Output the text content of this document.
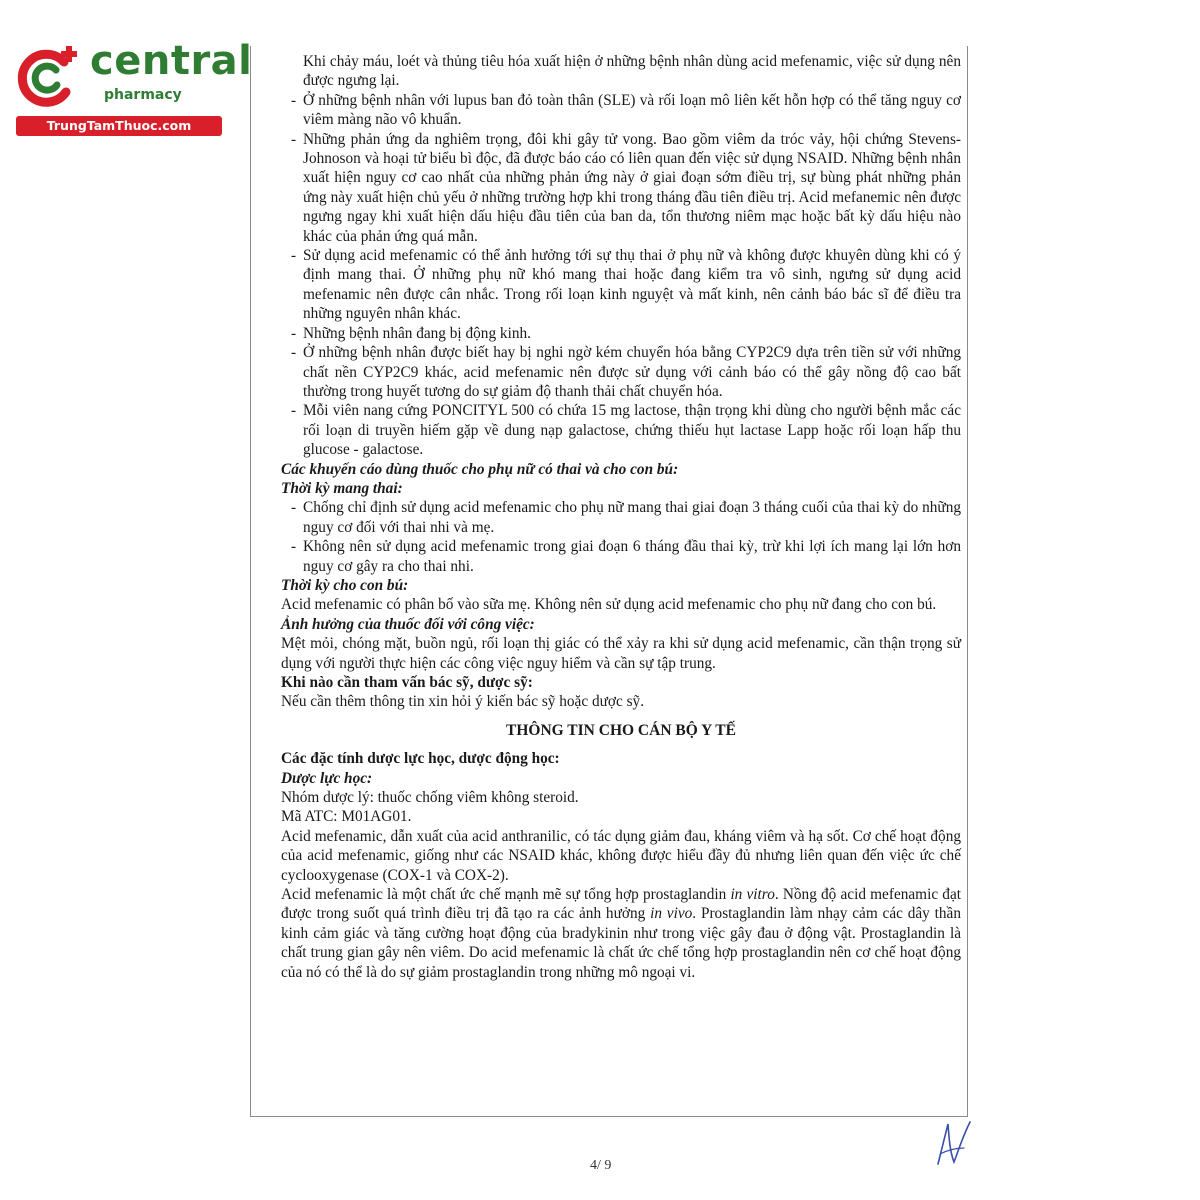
central
pharmacy
TrungTamThuoc.com

Khi chảy máu, loét và thủng tiêu hóa xuất hiện ở những bệnh nhân dùng acid mefenamic, việc sử dụng nên được ngưng lại.

- Ở những bệnh nhân với lupus ban đỏ toàn thân (SLE) và rối loạn mô liên kết hỗn hợp có thể tăng nguy cơ viêm màng não vô khuẩn.

- Những phản ứng da nghiêm trọng, đôi khi gây tử vong. Bao gồm viêm da tróc vảy, hội chứng Stevens-Johnoson và hoại tử biểu bì độc, đã được báo cáo có liên quan đến việc sử dụng NSAID. Những bệnh nhân xuất hiện nguy cơ cao nhất của những phản ứng này ở giai đoạn sớm điều trị, sự bùng phát những phản ứng này xuất hiện chủ yếu ở những trường hợp khi trong tháng đầu tiên điều trị. Acid mefanemic nên được ngưng ngay khi xuất hiện dấu hiệu đầu tiên của ban da, tổn thương niêm mạc hoặc bất kỳ dấu hiệu nào khác của phản ứng quá mẫn.

- Sử dụng acid mefenamic có thể ảnh hưởng tới sự thụ thai ở phụ nữ và không được khuyên dùng khi có ý định mang thai. Ở những phụ nữ khó mang thai hoặc đang kiểm tra vô sinh, ngưng sử dụng acid mefenamic nên được cân nhắc. Trong rối loạn kinh nguyệt và mất kinh, nên cảnh báo bác sĩ để điều tra những nguyên nhân khác.

- Những bệnh nhân đang bị động kinh.

- Ở những bệnh nhân được biết hay bị nghi ngờ kém chuyển hóa bằng CYP2C9 dựa trên tiền sử với những chất nền CYP2C9 khác, acid mefenamic nên được sử dụng với cảnh báo có thể gây nồng độ cao bất thường trong huyết tương do sự giảm độ thanh thải chất chuyển hóa.

- Mỗi viên nang cứng PONCITYL 500 có chứa 15 mg lactose, thận trọng khi dùng cho người bệnh mắc các rối loạn di truyền hiếm gặp về dung nạp galactose, chứng thiếu hụt lactase Lapp hoặc rối loạn hấp thu glucose - galactose.

Các khuyến cáo dùng thuốc cho phụ nữ có thai và cho con bú:

Thời kỳ mang thai:

- Chống chỉ định sử dụng acid mefenamic cho phụ nữ mang thai giai đoạn 3 tháng cuối của thai kỳ do những nguy cơ đối với thai nhi và mẹ.

- Không nên sử dụng acid mefenamic trong giai đoạn 6 tháng đầu thai kỳ, trừ khi lợi ích mang lại lớn hơn nguy cơ gây ra cho thai nhi.

Thời kỳ cho con bú:

Acid mefenamic có phân bố vào sữa mẹ. Không nên sử dụng acid mefenamic cho phụ nữ đang cho con bú.

Ảnh hưởng của thuốc đối với công việc:

Mệt mỏi, chóng mặt, buồn ngủ, rối loạn thị giác có thể xảy ra khi sử dụng acid mefenamic, cần thận trọng sử dụng với người thực hiện các công việc nguy hiểm và cần sự tập trung.

Khi nào cần tham vấn bác sỹ, dược sỹ:

Nếu cần thêm thông tin xin hỏi ý kiến bác sỹ hoặc dược sỹ.

THÔNG TIN CHO CÁN BỘ Y TẾ

Các đặc tính dược lực học, dược động học:

Dược lực học:

Nhóm dược lý: thuốc chống viêm không steroid.

Mã ATC: M01AG01.

Acid mefenamic, dẫn xuất của acid anthranilic, có tác dụng giảm đau, kháng viêm và hạ sốt. Cơ chế hoạt động của acid mefenamic, giống như các NSAID khác, không được hiểu đầy đủ nhưng liên quan đến việc ức chế cyclooxygenase (COX-1 và COX-2).

Acid mefenamic là một chất ức chế mạnh mẽ sự tổng hợp prostaglandin in vitro. Nồng độ acid mefenamic đạt được trong suốt quá trình điều trị đã tạo ra các ảnh hưởng in vivo. Prostaglandin làm nhạy cảm các dây thần kinh cảm giác và tăng cường hoạt động của bradykinin như trong việc gây đau ở động vật. Prostaglandin là chất trung gian gây nên viêm. Do acid mefenamic là chất ức chế tổng hợp prostaglandin nên cơ chế hoạt động của nó có thể là do sự giảm prostaglandin trong những mô ngoại vi.

4/ 9
